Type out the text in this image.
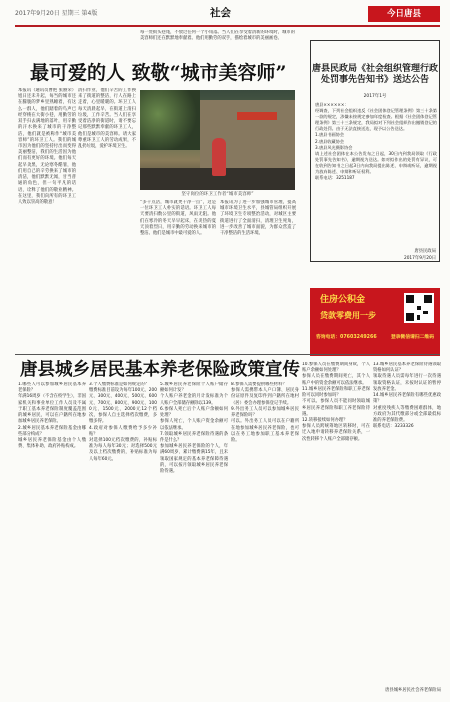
2017年9月20日 星期三 第4版	社会	今日唐县
最可爱的人 致敬“城市美容师”
本报讯（通讯员曹艳 张丽荣）旭日还未升起，每当的城市还在朦胧的梦乡里熟睡着，有这么一群人，他们踏着的鸟声已经穿梭在大街小巷，用勤劳的双手扫去满地的落叶，用辛勤的汗水换来了城市的干净整洁，他们就是被称作“城市美容师”的环卫工人。我们的城市因为他们的坚持付出而变得美丽整洁，我们的生活因为他们而有更好的环境。他们每天起早贪黑，无论寒冬酷暑，他们用自己的辛劳换来了城市的清洁，他们默默无闻，甘当普通的角色，但一句平凡的话语，诠释了他们的敬业精神。在这里，我们向所有的环卫工人致以崇高的敬意！
清扫作业，他们辛苦的工作换来了街道的整洁，行人在路上走着，心里暖暖的。环卫工人每天清晨起早，在街道上清扫垃圾，工作辛苦。当人们在享受着洁净的街道时，请不要忘记那些默默奉献的环卫工人，他们是城市的美容师。请大家尊重环卫工人的劳动成果，不乱扔垃圾，爱护环境卫生。
坚守岗位的环卫工作者“城市美容师”
“多干点活，城市就更干净一点”，这是一位环卫工人朴实的话语。环卫工人每天要清扫数公里的街道，风雨无阻。他们在寒冷的冬天早早起床，在炎热的夏天顶着烈日，用辛勤的劳动换来城市的整洁。他们是城市中最可爱的人。
本报讯为了进一步加强城市管理，提高城市环境卫生水平，县城管局组织开展了环境卫生专项整治活动，对城区主要街道进行了全面清扫，清理卫生死角，进一步改善了城市面貌，为群众营造了干净整洁的生活环境。
每一处街头巷尾，不放过任何一个小角落。当人们在享受着清新的环境时，城市的美容师们还在默默地奉献着。他们用勤劳的双手，描绘着城市的美丽画卷。
唐县民政局《社会组织管理行政处罚事先告知书》送达公告
2017年1号
唐县××××××：
经调查，下列社会组织违反《社会团体登记管理条例》第三十条第一款的规定，涉嫌未按规定参加年度检查。根据《社会团体登记管理条例》第三十三条规定，我局拟对下列社会组织作出撤销登记的行政处罚。由于无法直接送达，现予以公告送达。
1.唐县书画协会
2.唐县收藏协会
3.唐县风光摄影协会
请上述社会团体在本公告发布之日起，30日内到我局领取《行政处罚事先告知书》，逾期视为送达。如对拟作出的处罚有异议，可在收到告知书之日起3日内向我局提出陈述、申辩或听证，逾期视为放弃陈述、申辩和听证权利。
联系电话：3251187
唐县民政局
2017年9月20日
住房公积金
贷款零费用一步
咨询电话：07603249266	登录微信请扫二维码
唐县城乡居民基本养老保险政策宣传
1.哪些人可以参加城乡居民基本养老保险？
年满16周岁（不含在校学生），非国家机关和事业单位工作人员及不属于职工基本养老保险制度覆盖范围的城乡居民，可以在户籍所在地参加城乡居民养老保险。
2.城乡居民基本养老保险基金由哪些部分构成？
城乡居民养老保险基金由个人缴费、集体补助、政府补贴构成。
3.个人缴费标准是如何规定的？
缴费标准目前设为每年100元、200元、300元、400元、500元、600元、700元、800元、900元、1000元、1500元、2000元12个档次，参保人自主选择档次缴费，多缴多得。
4.政府对参保人缴费给予多少补贴？
对选择100元档次缴费的，补贴标准为每人每年30元；对选择500元及以上档次缴费的，补贴标准为每人每年60元。
5.城乡居民养老保险个人账户储存额如何计发？
个人账户养老金的月计发标准为个人账户全部储存额除以139。
6.参保人死亡后个人账户余额如何处理？
参保人死亡，个人账户资金余额可以依法继承。
7.领取城乡居民养老保险待遇的条件是什么？
参加城乡居民养老保险的个人，年满60周岁、累计缴费满15年，且未领取国家规定的基本养老保障待遇的，可以按月领取城乡居民养老保险待遇。
8.参保人需要提供哪些材料？
参保人需携带本人户口簿、居民身份证原件及复印件到户籍所在地村（居）委会办理参保登记手续。
9.外出务工人员可以参加城乡居民养老保险吗？
可以。外出务工人员可以在户籍所在地参加城乡居民养老保险，也可以在务工地参加职工基本养老保险。
10.参保人员在缴费期间身故，个人账户余额如何处理？
参保人员在缴费期间死亡，其个人账户中的资金余额可以依法继承。
11.城乡居民养老保险和职工养老保险可以同时参加吗？
不可以。参保人员不能同时领取城乡居民养老保险和职工养老保险待遇。
12.转移接续如何办理？
参保人员跨统筹地区转移时，可在迁入地申请转移养老保险关系，一次性转移个人账户全部储存额。
13.城乡居民基本养老保险待遇领取资格如何认证？
领取待遇人员需每年进行一次待遇领取资格认证，未按时认证的暂停发放养老金。
14.城乡居民养老保险有哪些优惠政策？
对重度残疾人等缴费困难群体，地方政府为其代缴部分或全部最低标准的养老保险费。
联系电话：3233326
唐县城乡居民社会养老保险局
